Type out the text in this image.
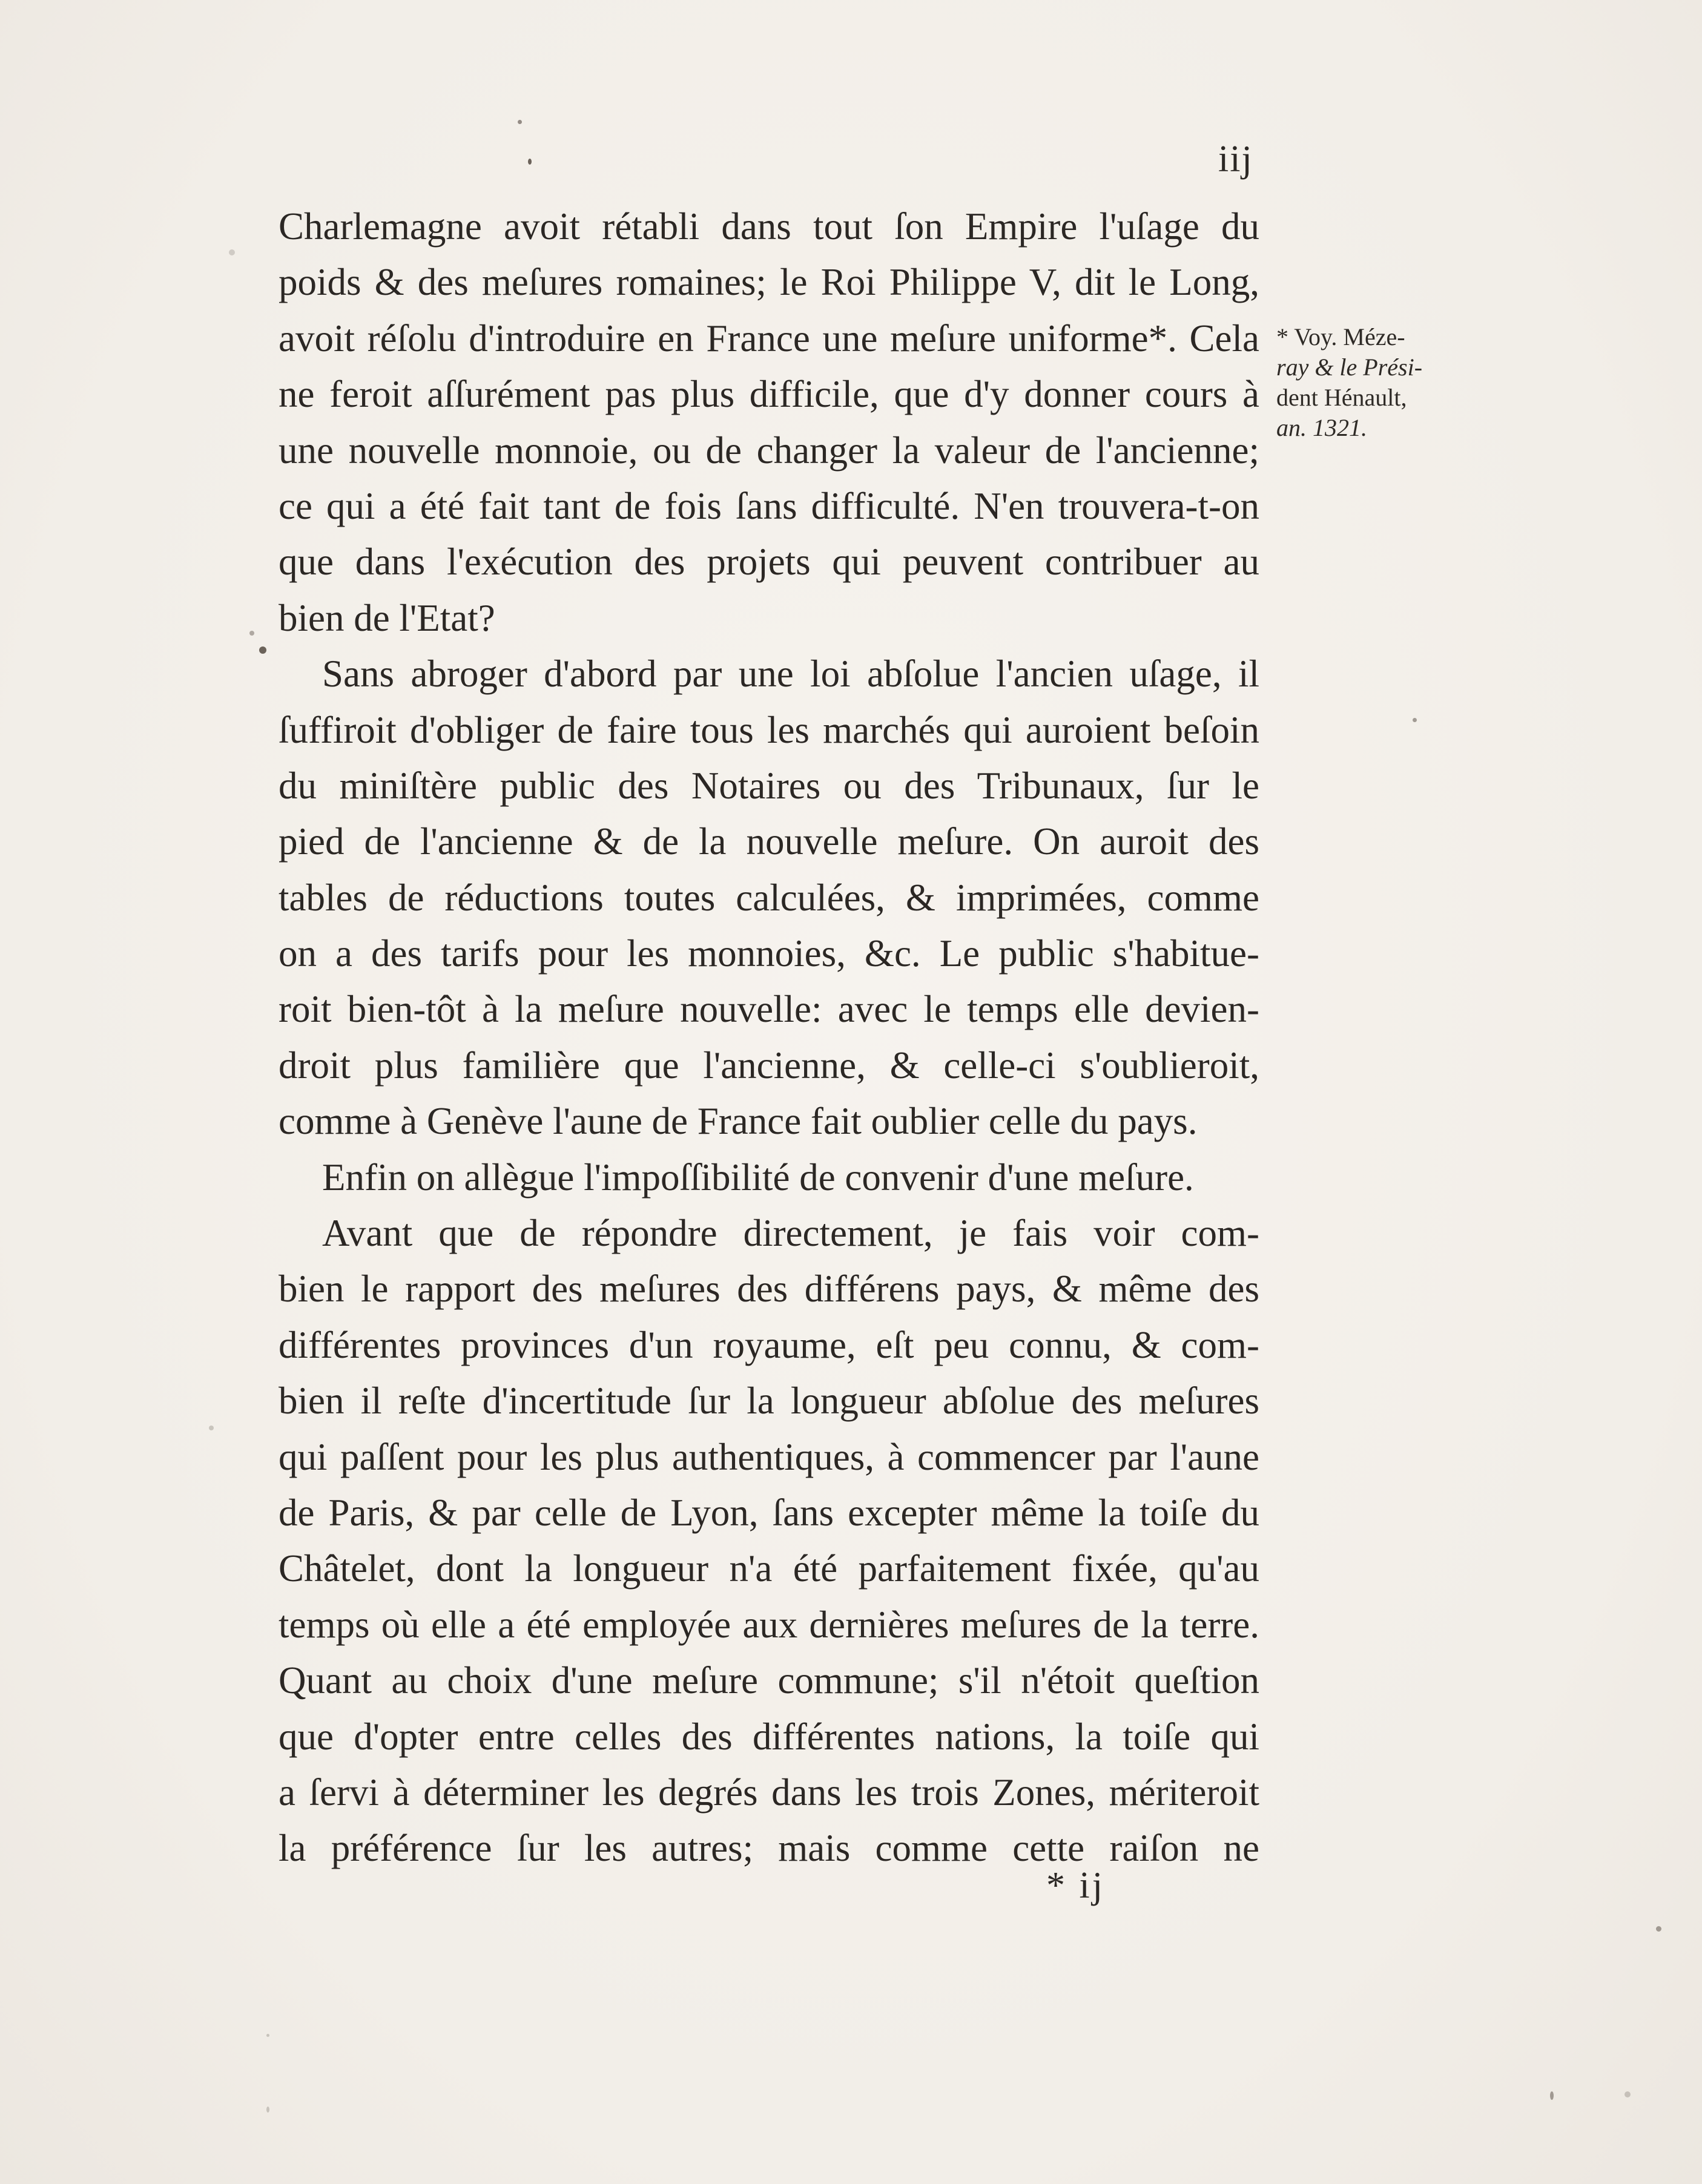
iij
Charlemagne avoit rétabli dans tout ſon Empire l'uſage du
poids & des meſures romaines; le Roi Philippe V, dit le Long,
avoit réſolu d'introduire en France une meſure uniforme*. Cela
ne feroit aſſurément pas plus difficile, que d'y donner cours à
une nouvelle monnoie, ou de changer la valeur de l'ancienne;
ce qui a été fait tant de fois ſans difficulté. N'en trouvera-t-on
que dans l'exécution des projets qui peuvent contribuer au
bien de l'Etat?
Sans abroger d'abord par une loi abſolue l'ancien uſage, il
ſuffiroit d'obliger de faire tous les marchés qui auroient beſoin
du miniſtère public des Notaires ou des Tribunaux, ſur le
pied de l'ancienne & de la nouvelle meſure. On auroit des
tables de réductions toutes calculées, & imprimées, comme
on a des tarifs pour les monnoies, &c. Le public s'habitue-
roit bien-tôt à la meſure nouvelle: avec le temps elle devien-
droit plus familière que l'ancienne, & celle-ci s'oublieroit,
comme à Genève l'aune de France fait oublier celle du pays.
Enfin on allègue l'impoſſibilité de convenir d'une meſure.
Avant que de répondre directement, je fais voir com-
bien le rapport des meſures des différens pays, & même des
différentes provinces d'un royaume, eſt peu connu, & com-
bien il reſte d'incertitude ſur la longueur abſolue des meſures
qui paſſent pour les plus authentiques, à commencer par l'aune
de Paris, & par celle de Lyon, ſans excepter même la toiſe du
Châtelet, dont la longueur n'a été parfaitement fixée, qu'au
temps où elle a été employée aux dernières meſures de la terre.
Quant au choix d'une meſure commune; s'il n'étoit queſtion
que d'opter entre celles des différentes nations, la toiſe qui
a ſervi à déterminer les degrés dans les trois Zones, mériteroit
la préférence ſur les autres; mais comme cette raiſon ne
* Voy. Méze-
ray & le Prési-
dent Hénault,
an. 1321.
* ij
